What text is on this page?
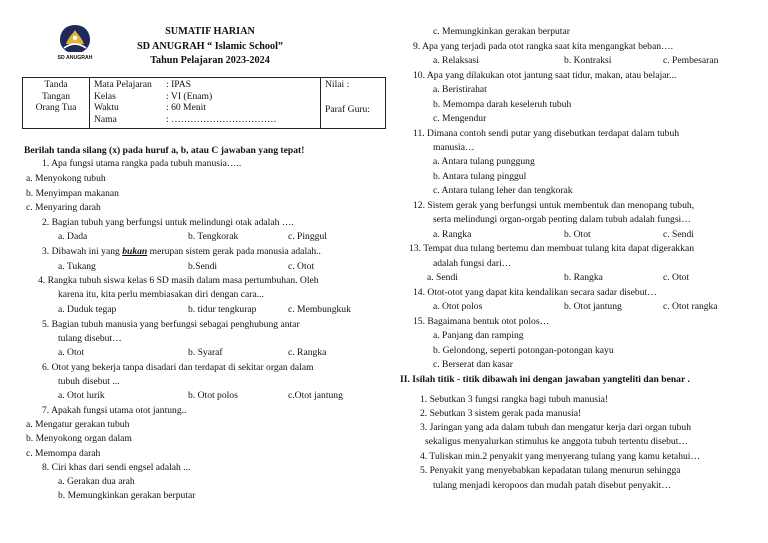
SD ANUGRAH
SUMATIF HARIAN
SD ANUGRAH “ Islamic School”
Tahun Pelajaran 2023-2024
Tanda
Tangan
Orang Tua

Mata Pelajaran : IPAS
Kelas	: VI (Enam)
Waktu	: 60 Menit
Nama	: ……………………………

Nilai :
Paraf Guru:
Berilah tanda silang (x) pada huruf a, b, atau C jawaban yang tepat!
1. Apa fungsi utama rangka pada tubuh manusia…..
a. Menyokong tubuh
b. Menyimpan makanan
c. Menyaring darah
2. Bagian tubuh yang berfungsi untuk melindungi otak adalah ….
a. Dada	b. Tengkorak	c. Pinggul
3. Dibawah ini yang bukan merupan sistem gerak pada manusia adalah..
a. Tukang	b.Sendi	c. Otot
4. Rangka tubuh siswa kelas 6 SD masih dalam masa pertumbuhan. Oleh
karena itu, kita perlu membiasakan diri dengan cara...
a. Duduk tegap	b. tidur tengkurap	c. Membungkuk
5. Bagian tubuh manusia yang berfungsi sebagai penghubung antar
tulang disebut…
a. Otot	b. Syaraf	c. Rangka
6. Otot yang bekerja tanpa disadari dan terdapat di sekitar organ dalam
tubuh disebut ...
a. Otot lurik	b. Otot polos	c.Otot jantung
7. Apakah fungsi utama otot jantung..
a. Mengatur gerakan tubuh
b. Menyokong organ dalam
c. Memompa darah
8. Ciri khas dari sendi engsel adalah ...
a. Gerakan dua arah
b. Memungkinkan gerakan berputar
c. Memungkinkan gerakan berputar
9. Apa yang terjadi pada otot rangka saat kita mengangkat beban….
a. Relaksasi	b. Kontraksi	c. Pembesaran
10. Apa yang dilakukan otot jantung saat tidur, makan, atau belajar...
a. Beristirahat
b. Memompa darah keseleruh tubuh
c. Mengendur
11. Dimana contoh sendi putar yang disebutkan terdapat dalam tubuh
manusia…
a. Antara tulang punggung
b. Antara tulang pinggul
c. Antara tulang leher dan tengkorak
12. Sistem gerak yang berfungsi untuk membentuk dan menopang tubuh,
serta melindungi organ-orgab penting dalam tubuh adalah fungsi…
a. Rangka	b. Otot	c. Sendi
13. Tempat dua tulang bertemu dan membuat tulang kita dapat digerakkan
adalah fungsi dari…
a. Sendi	b. Rangka	c. Otot
14. Otot-otot yang dapat kita kendalikan secara sadar disebut…
a. Otot polos	b. Otot jantung	c. Otot rangka
15. Bagaimana bentuk otot polos…
a. Panjang dan ramping
b. Gelondong, seperti potongan-potongan kayu
c. Berserat dan kasar
II. Isilah titik - titik dibawah ini dengan jawaban yangteliti dan benar .
1. Sebutkan 3 fungsi rangka bagi tubuh manusia!
2. Sebutkan 3 sistem gerak pada manusia!
3. Jaringan yang ada dalam tubuh dan mengatur kerja dari organ tubuh
sekaligus menyalurkan stimulus ke anggota tubuh tertentu disebut…
4. Tuliskan min.2 penyakit yang menyerang tulang yang kamu ketahui…
5. Penyakit yang menyebabkan kepadatan tulang menurun sehingga
tulang menjadi keropoos dan mudah patah disebut penyakit…
